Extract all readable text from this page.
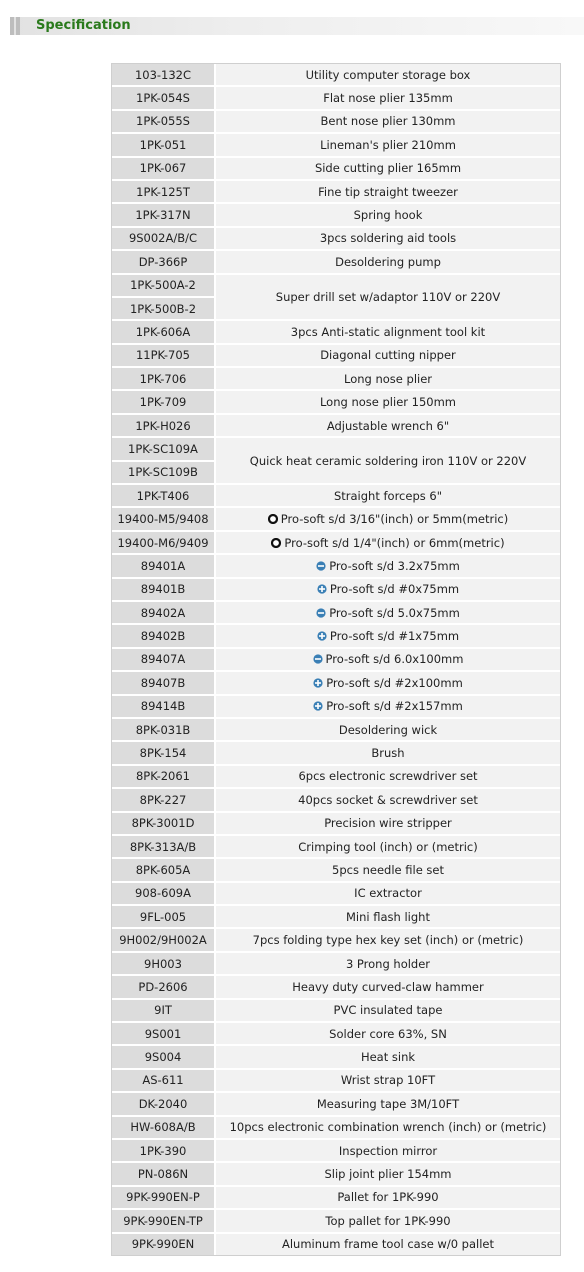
Specification
103-132C	Utility computer storage box
1PK-054S	Flat nose plier 135mm
1PK-055S	Bent nose plier 130mm
1PK-051	Lineman's plier 210mm
1PK-067	Side cutting plier 165mm
1PK-125T	Fine tip straight tweezer
1PK-317N	Spring hook
9S002A/B/C	3pcs soldering aid tools
DP-366P	Desoldering pump
1PK-500A-2	Super drill set w/adaptor 110V or 220V
1PK-500B-2	
1PK-606A	3pcs Anti-static alignment tool kit
11PK-705	Diagonal cutting nipper
1PK-706	Long nose plier
1PK-709	Long nose plier 150mm
1PK-H026	Adjustable wrench 6"
1PK-SC109A	Quick heat ceramic soldering iron 110V or 220V
1PK-SC109B	
1PK-T406	Straight forceps 6"
19400-M5/9408	Pro-soft s/d 3/16"(inch) or 5mm(metric)
19400-M6/9409	Pro-soft s/d 1/4"(inch) or 6mm(metric)
89401A	Pro-soft s/d 3.2x75mm
89401B	Pro-soft s/d #0x75mm
89402A	Pro-soft s/d 5.0x75mm
89402B	Pro-soft s/d #1x75mm
89407A	Pro-soft s/d 6.0x100mm
89407B	Pro-soft s/d #2x100mm
89414B	Pro-soft s/d #2x157mm
8PK-031B	Desoldering wick
8PK-154	Brush
8PK-2061	6pcs electronic screwdriver set
8PK-227	40pcs socket & screwdriver set
8PK-3001D	Precision wire stripper
8PK-313A/B	Crimping tool (inch) or (metric)
8PK-605A	5pcs needle file set
908-609A	IC extractor
9FL-005	Mini flash light
9H002/9H002A	7pcs folding type hex key set (inch) or (metric)
9H003	3 Prong holder
PD-2606	Heavy duty curved-claw hammer
9IT	PVC insulated tape
9S001	Solder core 63%, SN
9S004	Heat sink
AS-611	Wrist strap 10FT
DK-2040	Measuring tape 3M/10FT
HW-608A/B	10pcs electronic combination wrench (inch) or (metric)
1PK-390	Inspection mirror
PN-086N	Slip joint plier 154mm
9PK-990EN-P	Pallet for 1PK-990
9PK-990EN-TP	Top pallet for 1PK-990
9PK-990EN	Aluminum frame tool case w/0 pallet
